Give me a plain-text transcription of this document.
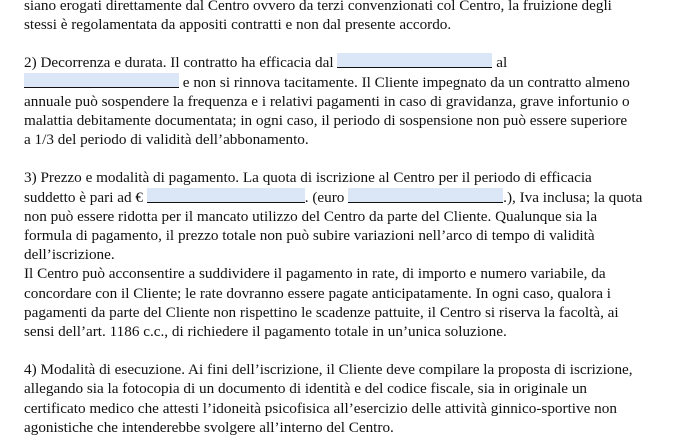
siano erogati direttamente dal Centro ovvero da terzi convenzionati col Centro, la fruizione degli

stessi è regolamentata da appositi contratti e non dal presente accordo.

2) Decorrenza e durata. Il contratto ha efficacia dal	al

e non si rinnova tacitamente. Il Cliente impegnato da un contratto almeno

annuale può sospendere la frequenza e i relativi pagamenti in caso di gravidanza, grave infortunio o

malattia debitamente documentata; in ogni caso, il periodo di sospensione non può essere superiore

a 1/3 del periodo di validità dell’abbonamento.

3) Prezzo e modalità di pagamento. La quota di iscrizione al Centro per il periodo di efficacia

suddetto è pari ad €	. (euro	.), Iva inclusa; la quota

non può essere ridotta per il mancato utilizzo del Centro da parte del Cliente. Qualunque sia la

formula di pagamento, il prezzo totale non può subire variazioni nell’arco di tempo di validità

dell’iscrizione.

Il Centro può acconsentire a suddividere il pagamento in rate, di importo e numero variabile, da

concordare con il Cliente; le rate dovranno essere pagate anticipatamente. In ogni caso, qualora i

pagamenti da parte del Cliente non rispettino le scadenze pattuite, il Centro si riserva la facoltà, ai

sensi dell’art. 1186 c.c., di richiedere il pagamento totale in un’unica soluzione.

4) Modalità di esecuzione. Ai fini dell’iscrizione, il Cliente deve compilare la proposta di iscrizione,

allegando sia la fotocopia di un documento di identità e del codice fiscale, sia in originale un

certificato medico che attesti l’idoneità psicofisica all’esercizio delle attività ginnico-sportive non

agonistiche che intenderebbe svolgere all’interno del Centro.
